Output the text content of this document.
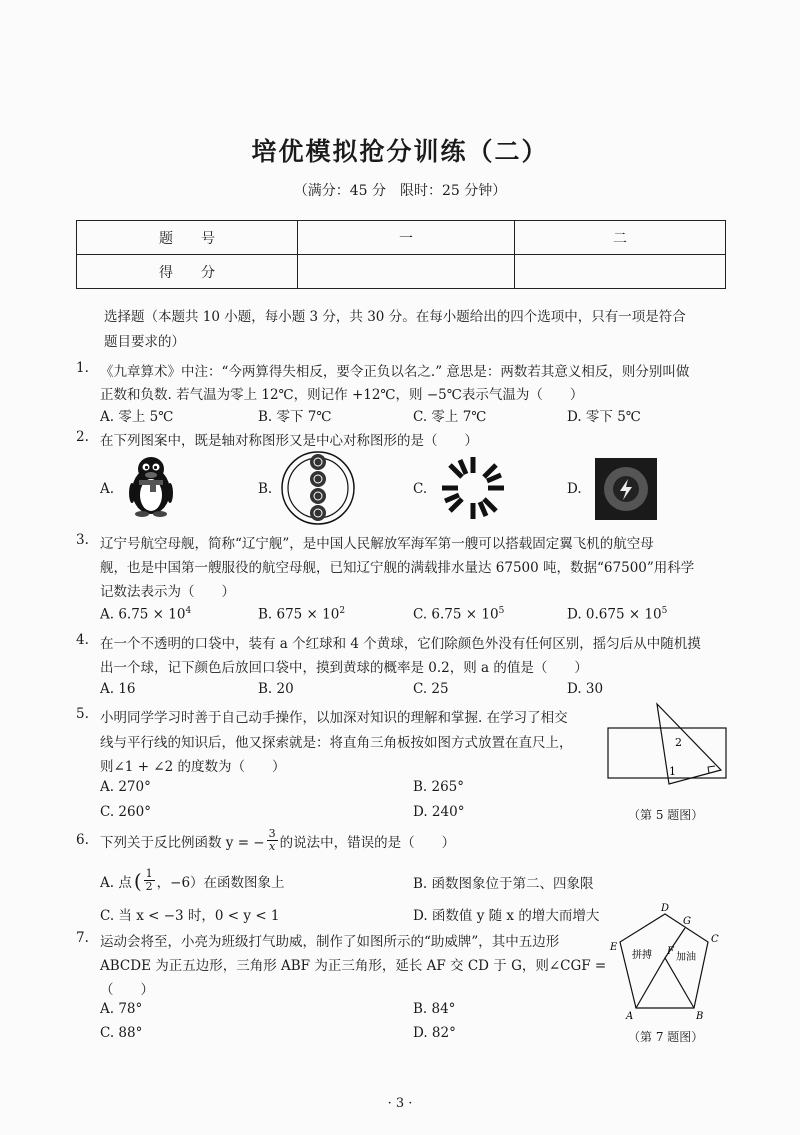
培优模拟抢分训练（二）
（满分：45 分　限时：25 分钟）
题　　号	一	二
得　　分		
选择题（本题共 10 小题，每小题 3 分，共 30 分。在每小题给出的四个选项中，只有一项是符合
题目要求的）
1. 《九章算术》中注：“今两算得失相反，要令正负以名之.” 意思是：两数若其意义相反，则分别叫做
正数和负数. 若气温为零上 12℃，则记作 +12℃，则 −5℃表示气温为（　　）
A. 零上 5℃	B. 零下 7℃	C. 零上 7℃	D. 零下 5℃
2. 在下列图案中，既是轴对称图形又是中心对称图形的是（　　）
A.	B.	C.	D.
3. 辽宁号航空母舰，简称“辽宁舰”，是中国人民解放军海军第一艘可以搭载固定翼飞机的航空母
舰，也是中国第一艘服役的航空母舰，已知辽宁舰的满载排水量达 67500 吨，数据“67500”用科学
记数法表示为（　　）
A. $6.75 \times 10^4$	B. $675 \times 10^2$	C. $6.75 \times 10^5$	D. $0.675 \times 10^5$
4. 在一个不透明的口袋中，装有 a 个红球和 4 个黄球，它们除颜色外没有任何区别，摇匀后从中随机摸
出一个球，记下颜色后放回口袋中，摸到黄球的概率是 0.2，则 a 的值是（　　）
A. 16	B. 20	C. 25	D. 30
5. 小明同学学习时善于自己动手操作，以加深对知识的理解和掌握. 在学习了相交
线与平行线的知识后，他又探索就是：将直角三角板按如图方式放置在直尺上，
则∠1 + ∠2 的度数为（　　）
A. 270°	B. 265°
C. 260°	D. 240°
2
1
（第 5 题图）
6. 下列关于反比例函数 y = − $\frac{3}{x}$ 的说法中，错误的是（　　）
A. 点 ( $\frac{1}{2}$ ，−6）在函数图象上	B. 函数图象位于第二、四象限
C. 当 x < −3 时，0 < y < 1	D. 函数值 y 随 x 的增大而增大
7. 运动会将至，小亮为班级打气助威，制作了如图所示的“助威牌”，其中五边形
ABCDE 为正五边形，三角形 ABF 为正三角形，延长 AF 交 CD 于 G，则∠CGF =
（　　）
A. 78°	B. 84°
C. 88°	D. 82°
D
G
C
E	F
A	B
拼搏 加油
（第 7 题图）
· 3 ·
